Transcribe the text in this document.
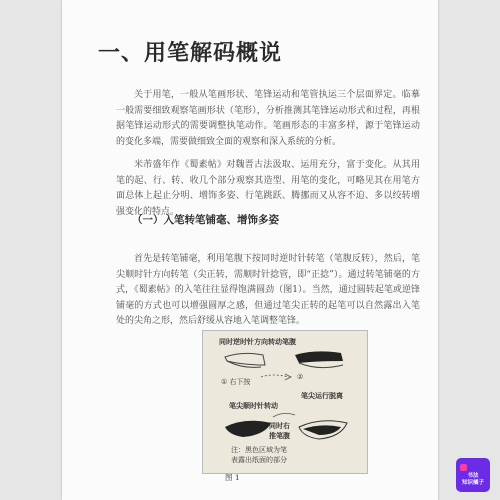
一、用笔解码概说

关于用笔，一般从笔画形状、笔锋运动和笔管执运三个层面界定。临摹一般需要细致观察笔画形状（笔形），分析推测其笔锋运动形式和过程，再根据笔锋运动形式的需要调整执笔动作。笔画形态的丰富多样，源于笔锋运动的变化多端，需要做细致全面的观察和深入系统的分析。

米芾盛年作《蜀素帖》对魏晋古法汲取、运用充分，富于变化。从其用笔的起、行、转、收几个部分观察其造型、用笔的变化，可略见其在用笔方面总体上起止分明、增饰多姿、行笔跳跃、腾挪而又从容不迫、多以绞转增强变化的特点。

（一）入笔转笔铺毫、增饰多姿

首先是转笔铺毫，利用笔腹下按同时逆时针转笔（笔腹反转），然后，笔尖顺时针方向转笔（尖正转，需顺时针捻管，即“正捻”）。通过转笔铺毫的方式，《蜀素帖》的入笔往往显得饱满圆劲（图1）。当然，通过圆转起笔或逆锋铺毫的方式也可以增强圆厚之感，但通过笔尖正转的起笔可以自然露出入笔处的尖角之形，然后舒缓从容地入笔调整笔锋。

同时逆时针方向转动笔腹
① 右下按
②
笔尖顺时针转动
笔尖运行脱离
同时右
推笔腹
注：黑色区域为笔
表露出纸面的部分
图 1	书法
知识橘子
